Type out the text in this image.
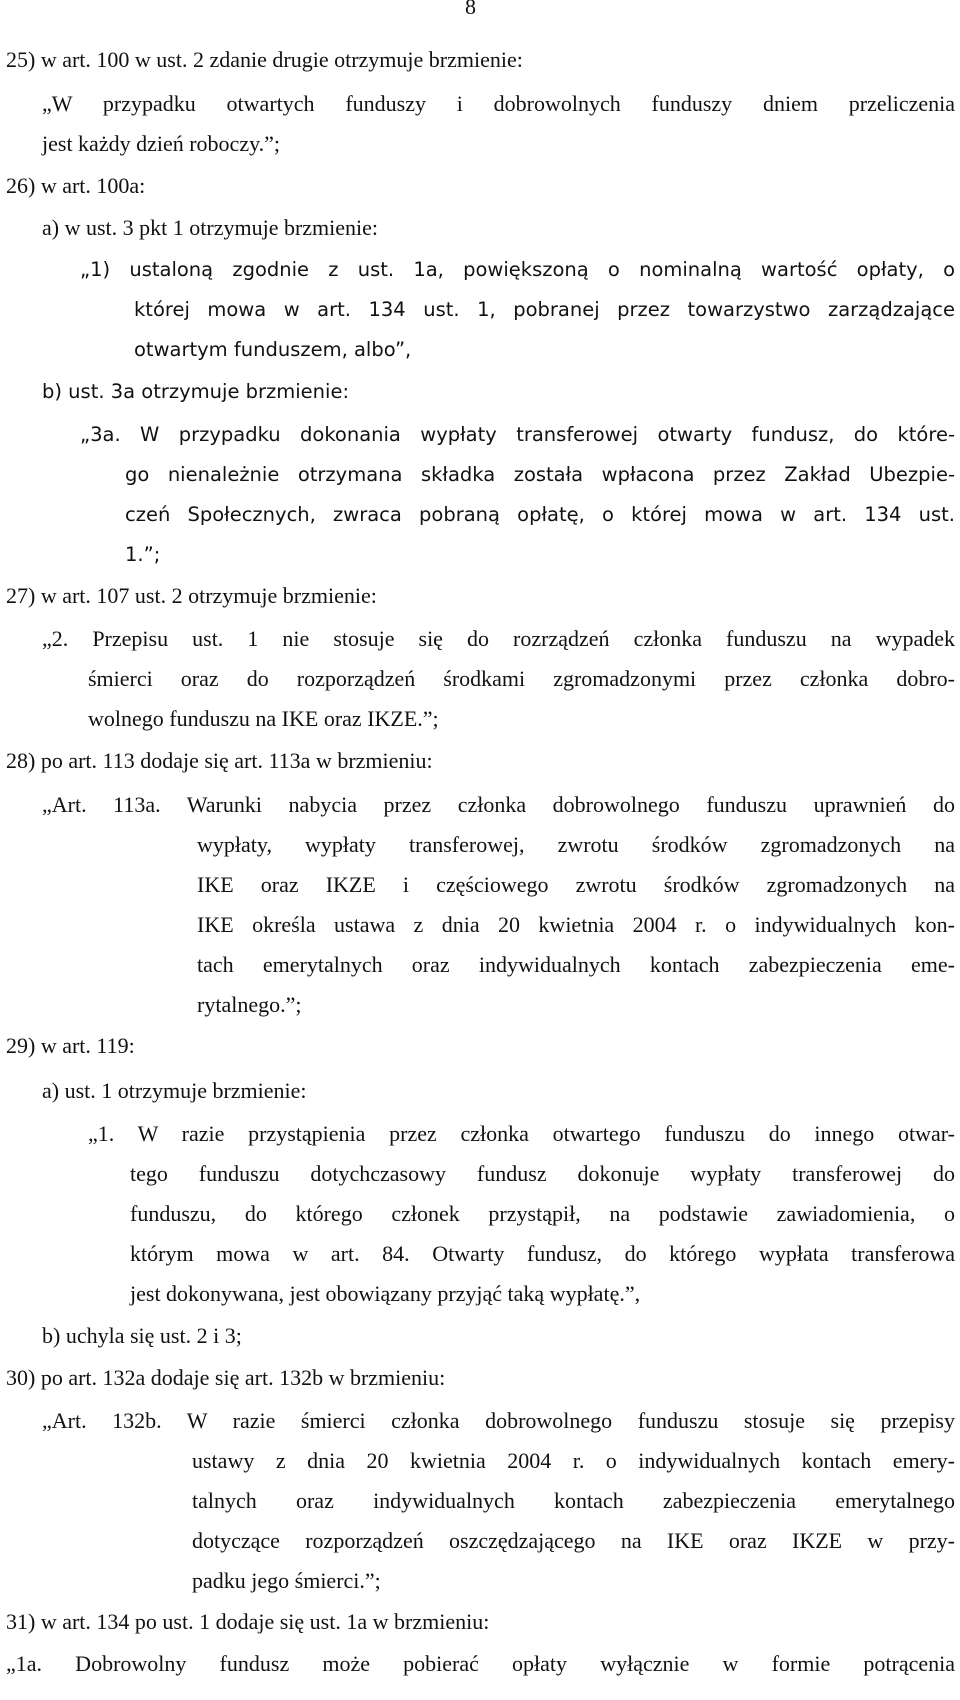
8
25) w art. 100 w ust. 2 zdanie drugie otrzymuje brzmienie:
„W przypadku otwartych funduszy i dobrowolnych funduszy dniem przeliczenia
jest każdy dzień roboczy.”;
26) w art. 100a:
a) w ust. 3 pkt 1 otrzymuje brzmienie:
„1) ustaloną zgodnie z ust. 1a, powiększoną o nominalną wartość opłaty, o
której mowa w art. 134 ust. 1, pobranej przez towarzystwo zarządzające
otwartym funduszem, albo”,
b) ust. 3a otrzymuje brzmienie:
„3a. W przypadku dokonania wypłaty transferowej otwarty fundusz, do które-
go nienależnie otrzymana składka została wpłacona przez Zakład Ubezpie-
czeń Społecznych, zwraca pobraną opłatę, o której mowa w art. 134 ust.
1.”;
27) w art. 107 ust. 2 otrzymuje brzmienie:
„2. Przepisu ust. 1 nie stosuje się do rozrządzeń członka funduszu na wypadek
śmierci oraz do rozporządzeń środkami zgromadzonymi przez członka dobro-
wolnego funduszu na IKE oraz IKZE.”;
28) po art. 113 dodaje się art. 113a w brzmieniu:
„Art. 113a. Warunki nabycia przez członka dobrowolnego funduszu uprawnień do
wypłaty, wypłaty transferowej, zwrotu środków zgromadzonych na
IKE oraz IKZE i częściowego zwrotu środków zgromadzonych na
IKE określa ustawa z dnia 20 kwietnia 2004 r. o indywidualnych kon-
tach emerytalnych oraz indywidualnych kontach zabezpieczenia eme-
rytalnego.”;
29) w art. 119:
a) ust. 1 otrzymuje brzmienie:
„1. W razie przystąpienia przez członka otwartego funduszu do innego otwar-
tego funduszu dotychczasowy fundusz dokonuje wypłaty transferowej do
funduszu, do którego członek przystąpił, na podstawie zawiadomienia, o
którym mowa w art. 84. Otwarty fundusz, do którego wypłata transferowa
jest dokonywana, jest obowiązany przyjąć taką wypłatę.”,
b) uchyla się ust. 2 i 3;
30) po art. 132a dodaje się art. 132b w brzmieniu:
„Art. 132b. W razie śmierci członka dobrowolnego funduszu stosuje się przepisy
ustawy z dnia 20 kwietnia 2004 r. o indywidualnych kontach emery-
talnych oraz indywidualnych kontach zabezpieczenia emerytalnego
dotyczące rozporządzeń oszczędzającego na IKE oraz IKZE w przy-
padku jego śmierci.”;
31) w art. 134 po ust. 1 dodaje się ust. 1a w brzmieniu:
„1a. Dobrowolny fundusz może pobierać opłaty wyłącznie w formie potrącenia
